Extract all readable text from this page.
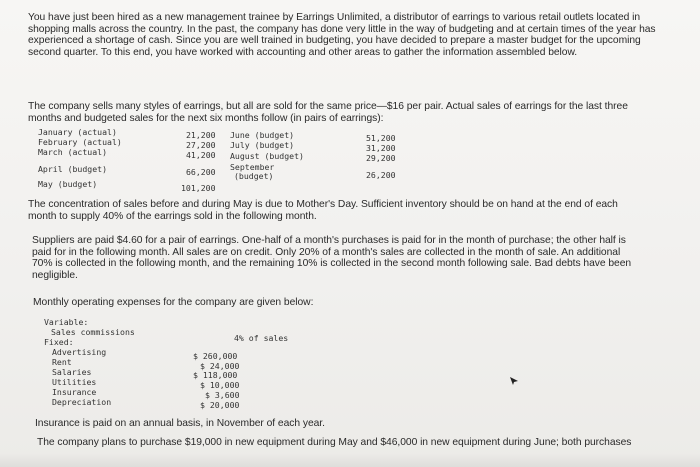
You have just been hired as a new management trainee by Earrings Unlimited, a distributor of earrings to various retail outlets located in shopping malls across the country. In the past, the company has done very little in the way of budgeting and at certain times of the year has experienced a shortage of cash. Since you are well trained in budgeting, you have decided to prepare a master budget for the upcoming second quarter. To this end, you have worked with accounting and other areas to gather the information assembled below.

The company sells many styles of earrings, but all are sold for the same price—$16 per pair. Actual sales of earrings for the last three months and budgeted sales for the next six months follow (in pairs of earrings):

January (actual)
February (actual)
March (actual)
April (budget)
May (budget)
21,200
27,200
41,200
66,200
101,200
June (budget)
July (budget)
August (budget)
September
(budget)
51,200
31,200
29,200
26,200

The concentration of sales before and during May is due to Mother's Day. Sufficient inventory should be on hand at the end of each month to supply 40% of the earrings sold in the following month.

Suppliers are paid $4.60 for a pair of earrings. One-half of a month's purchases is paid for in the month of purchase; the other half is paid for in the following month. All sales are on credit. Only 20% of a month's sales are collected in the month of sale. An additional 70% is collected in the following month, and the remaining 10% is collected in the second month following sale. Bad debts have been negligible.

Monthly operating expenses for the company are given below:

Variable:
Sales commissions
4% of sales
Fixed:
Advertising
Rent
Salaries
Utilities
Insurance
Depreciation
$ 260,000
$ 24,000
$ 118,000
$ 10,000
$ 3,600
$ 20,000

Insurance is paid on an annual basis, in November of each year.

The company plans to purchase $19,000 in new equipment during May and $46,000 in new equipment during June; both purchases
